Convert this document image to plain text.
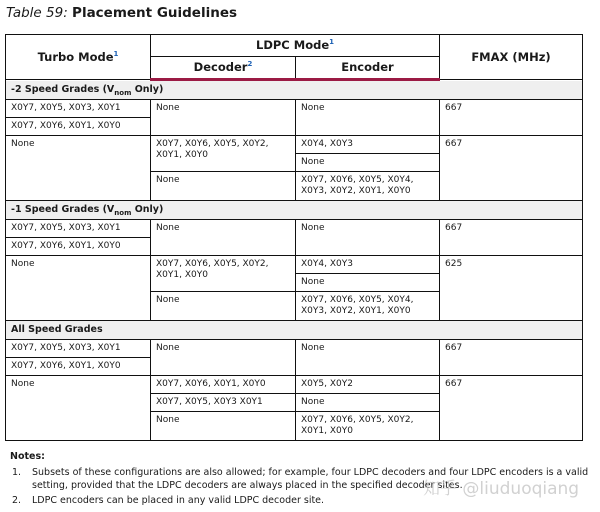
Table 59: Placement Guidelines
Turbo Mode$^1$	LDPC Mode$^1$		FMAX (MHz)
	Decoder$^2$	Encoder	
-2 Speed Grades ($V_{nom}$ Only)			
X0Y7, X0Y5, X0Y3, X0Y1	None	None	667
X0Y7, X0Y6, X0Y1, X0Y0			
None	X0Y7, X0Y6, X0Y5, X0Y2, X0Y1, X0Y0	X0Y4, X0Y3	667
		None	
	None	X0Y7, X0Y6, X0Y5, X0Y4, X0Y3, X0Y2, X0Y1, X0Y0	
-1 Speed Grades ($V_{nom}$ Only)			
X0Y7, X0Y5, X0Y3, X0Y1	None	None	667
X0Y7, X0Y6, X0Y1, X0Y0			
None	X0Y7, X0Y6, X0Y5, X0Y2, X0Y1, X0Y0	X0Y4, X0Y3	625
		None	
	None	X0Y7, X0Y6, X0Y5, X0Y4, X0Y3, X0Y2, X0Y1, X0Y0	
All Speed Grades			
X0Y7, X0Y5, X0Y3, X0Y1	None	None	667
X0Y7, X0Y6, X0Y1, X0Y0			
None	X0Y7, X0Y6, X0Y1, X0Y0	X0Y5, X0Y2	667
	X0Y7, X0Y5, X0Y3 X0Y1	None	
	None	X0Y7, X0Y6, X0Y5, X0Y2, X0Y1, X0Y0	
Notes:
1. Subsets of these configurations are also allowed; for example, four LDPC decoders and four LDPC encoders is a valid setting, provided that the LDPC decoders are always placed in the specified decoder sites.
2. LDPC encoders can be placed in any valid LDPC decoder site.
知乎 @liuduoqiang
